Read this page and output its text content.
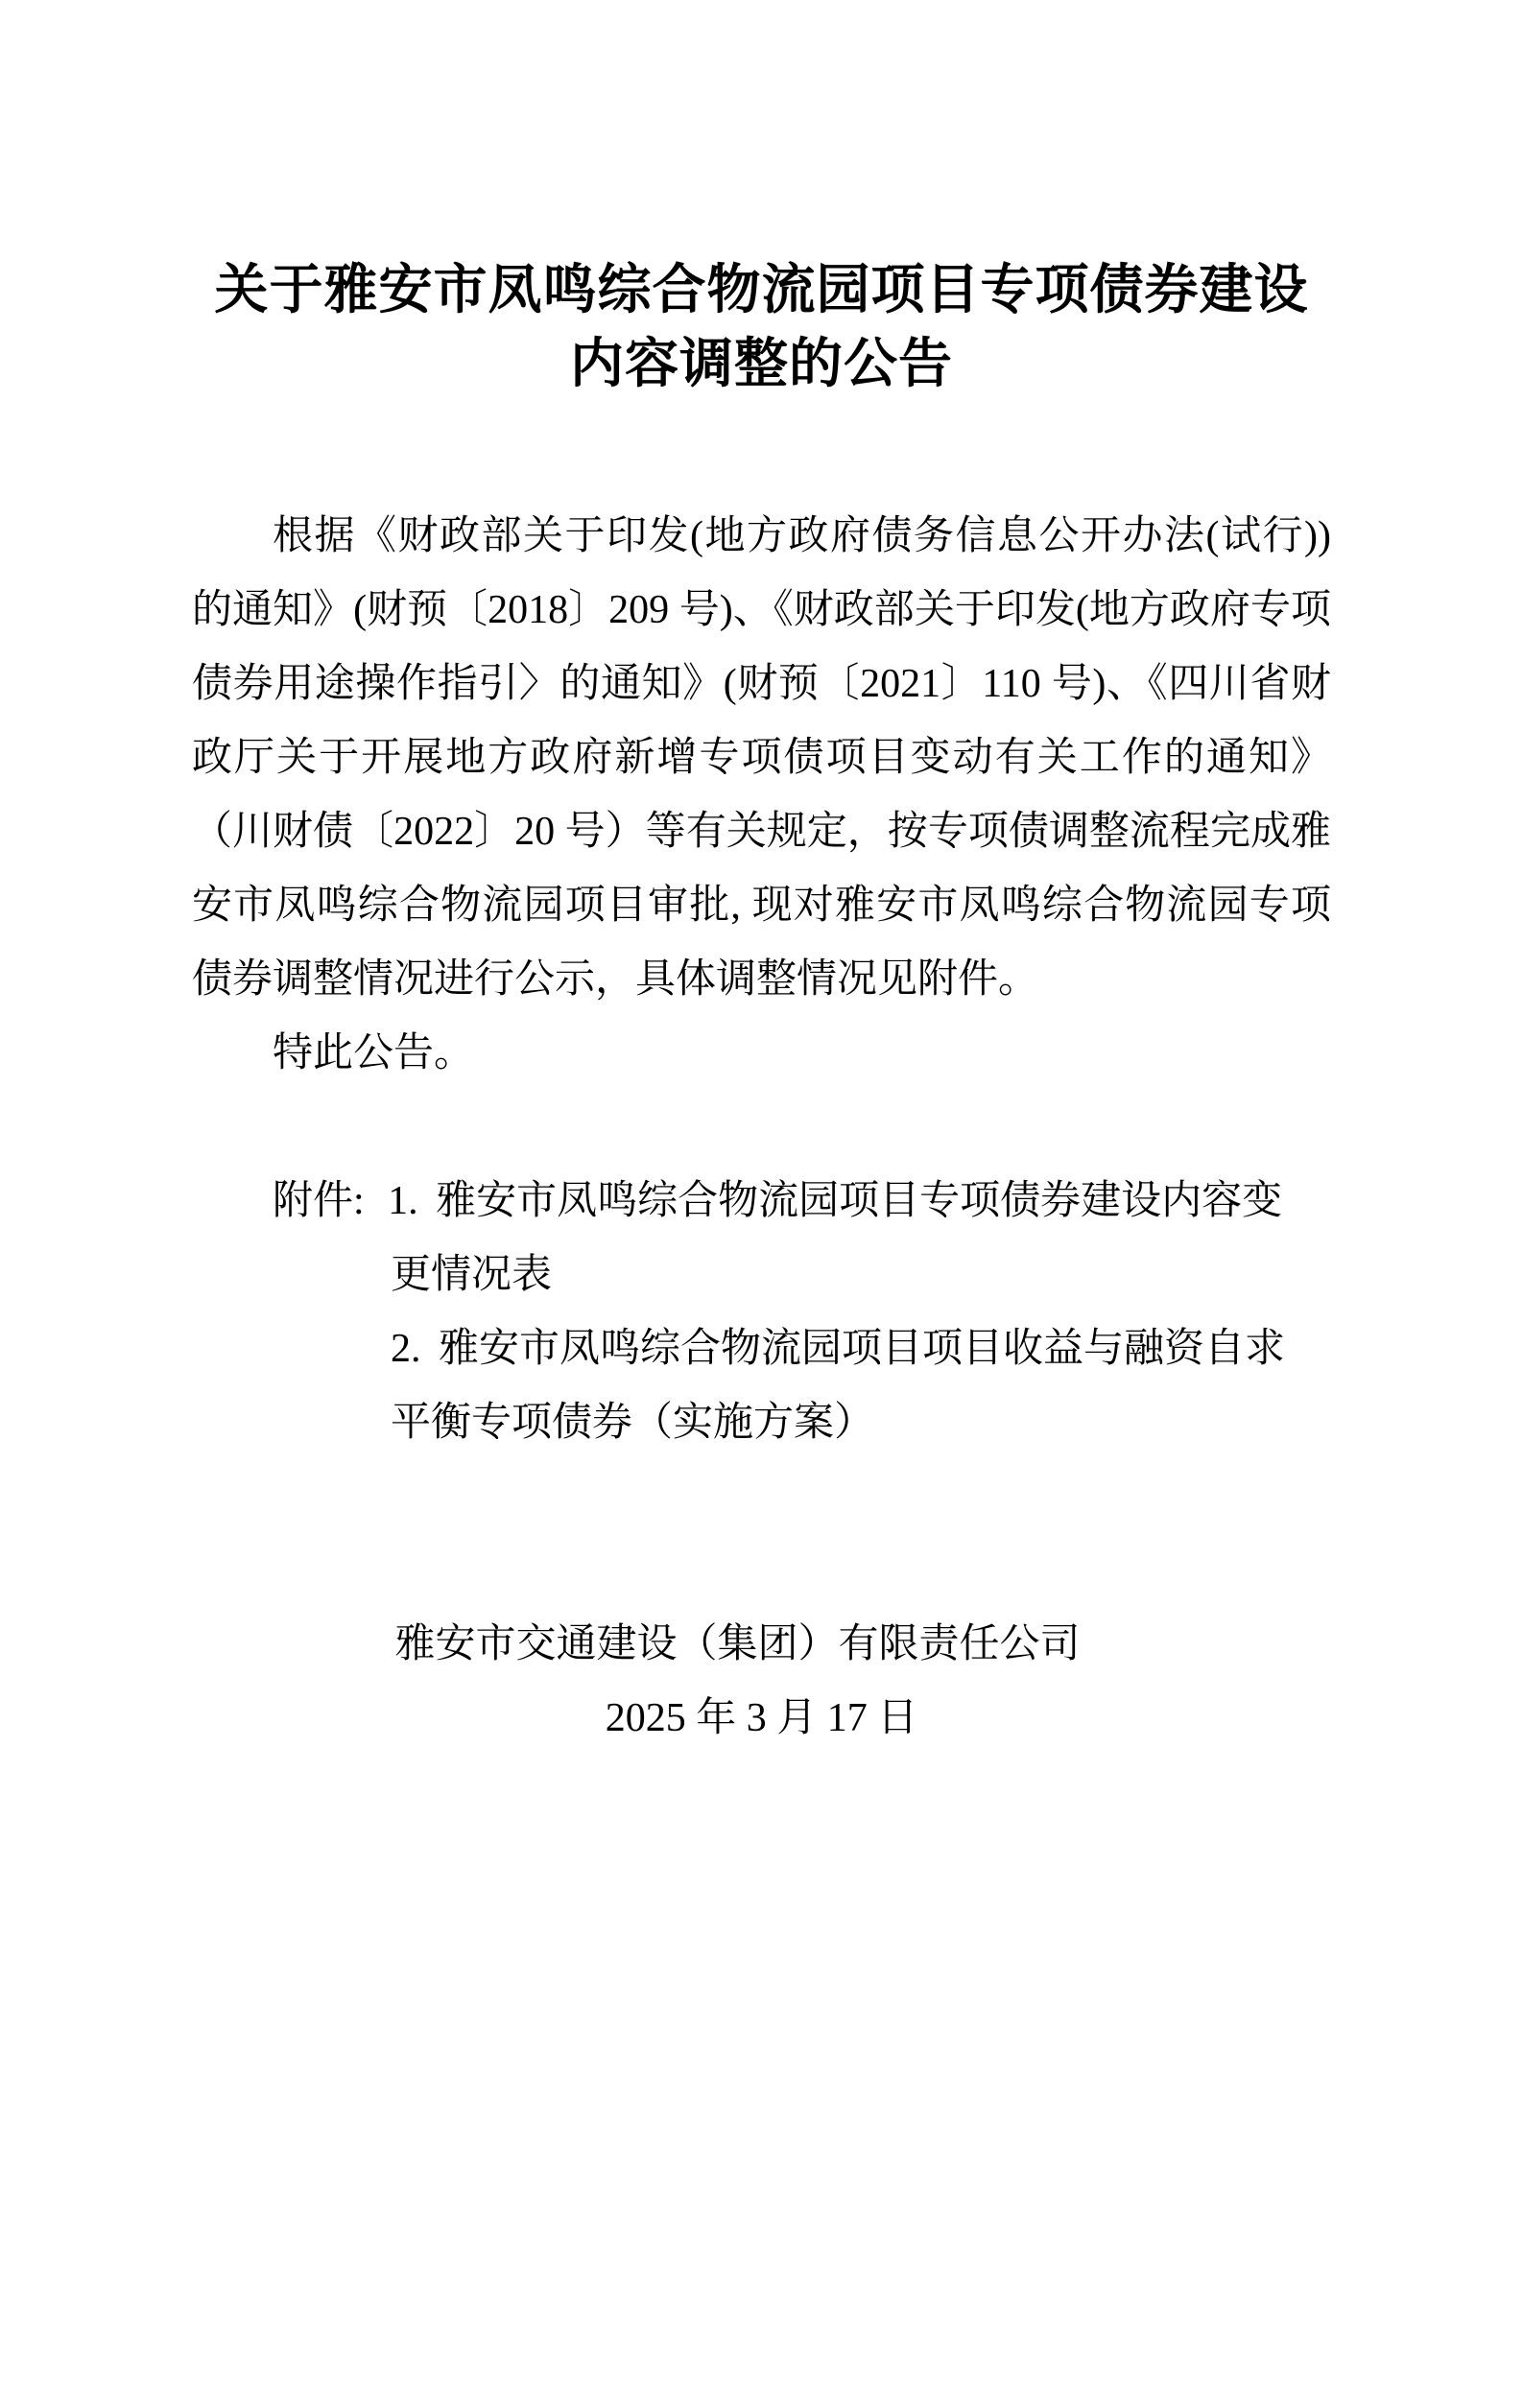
关于雅安市凤鸣综合物流园项目专项债券建设
内容调整的公告

根据《财政部关于印发(地方政府债务信息公开办法(试行))的通知》(财预〔2018〕209 号)、《财政部关于印发(地方政府专项债券用途操作指引〉的通知》(财预〔2021〕110 号)、《四川省财政厅关于开展地方政府新增专项债项目变动有关工作的通知》（川财债〔2022〕20 号）等有关规定，按专项债调整流程完成雅安市凤鸣综合物流园项目审批, 现对雅安市凤鸣综合物流园专项债券调整情况进行公示，具体调整情况见附件。

特此公告。

附件: 1. 雅安市凤鸣综合物流园项目专项债券建设内容变更情况表

2. 雅安市凤鸣综合物流园项目项目收益与融资自求平衡专项债券（实施方案）

雅安市交通建设（集团）有限责任公司

2025 年 3 月 17 日
